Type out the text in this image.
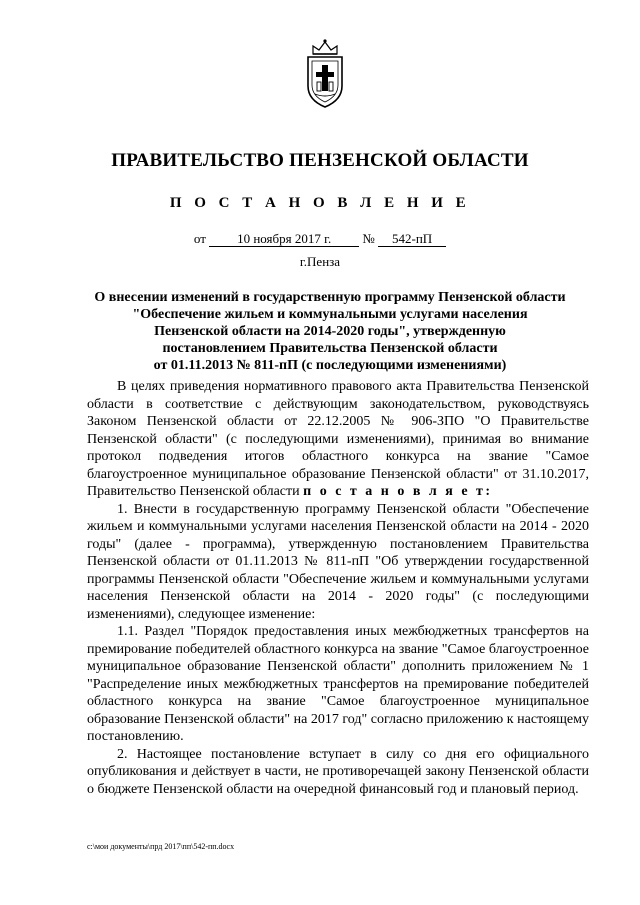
ПРАВИТЕЛЬСТВО ПЕНЗЕНСКОЙ ОБЛАСТИ
П О С Т А Н О В Л Е Н И Е
от 10 ноября 2017 г. № 542-пП
г.Пенза
О внесении изменений в государственную программу Пензенской области
"Обеспечение жильем и коммунальными услугами населения
Пензенской области на 2014-2020 годы", утвержденную
постановлением Правительства Пензенской области
от 01.11.2013 № 811-пП (с последующими изменениями)

В целях приведения нормативного правового акта Правительства Пензенской области в соответствие с действующим законодательством, руководствуясь Законом Пензенской области от 22.12.2005 № 906-ЗПО "О Правительстве Пензенской области" (с последующими изменениями), принимая во внимание протокол подведения итогов областного конкурса на звание "Самое благоустроенное муниципальное образование Пензенской области" от 31.10.2017, Правительство Пензенской области п о с т а н о в л я е т:

1. Внести в государственную программу Пензенской области "Обеспечение жильем и коммунальными услугами населения Пензенской области на 2014 - 2020 годы" (далее - программа), утвержденную постановлением Правительства Пензенской области от 01.11.2013 № 811-пП "Об утверждении государственной программы Пензенской области "Обеспечение жильем и коммунальными услугами населения Пензенской области на 2014 - 2020 годы" (с последующими изменениями), следующее изменение:

1.1. Раздел "Порядок предоставления иных межбюджетных трансфертов на премирование победителей областного конкурса на звание "Самое благоустроенное муниципальное образование Пензенской области" дополнить приложением № 1 "Распределение иных межбюджетных трансфертов на премирование победителей областного конкурса на звание "Самое благоустроенное муниципальное образование Пензенской области" на 2017 год" согласно приложению к настоящему постановлению.

2. Настоящее постановление вступает в силу со дня его официального опубликования и действует в части, не противоречащей закону Пензенской области о бюджете Пензенской области на очередной финансовый год и плановый период.

c:\мои документы\прд 2017\пп\542-пп.docx
